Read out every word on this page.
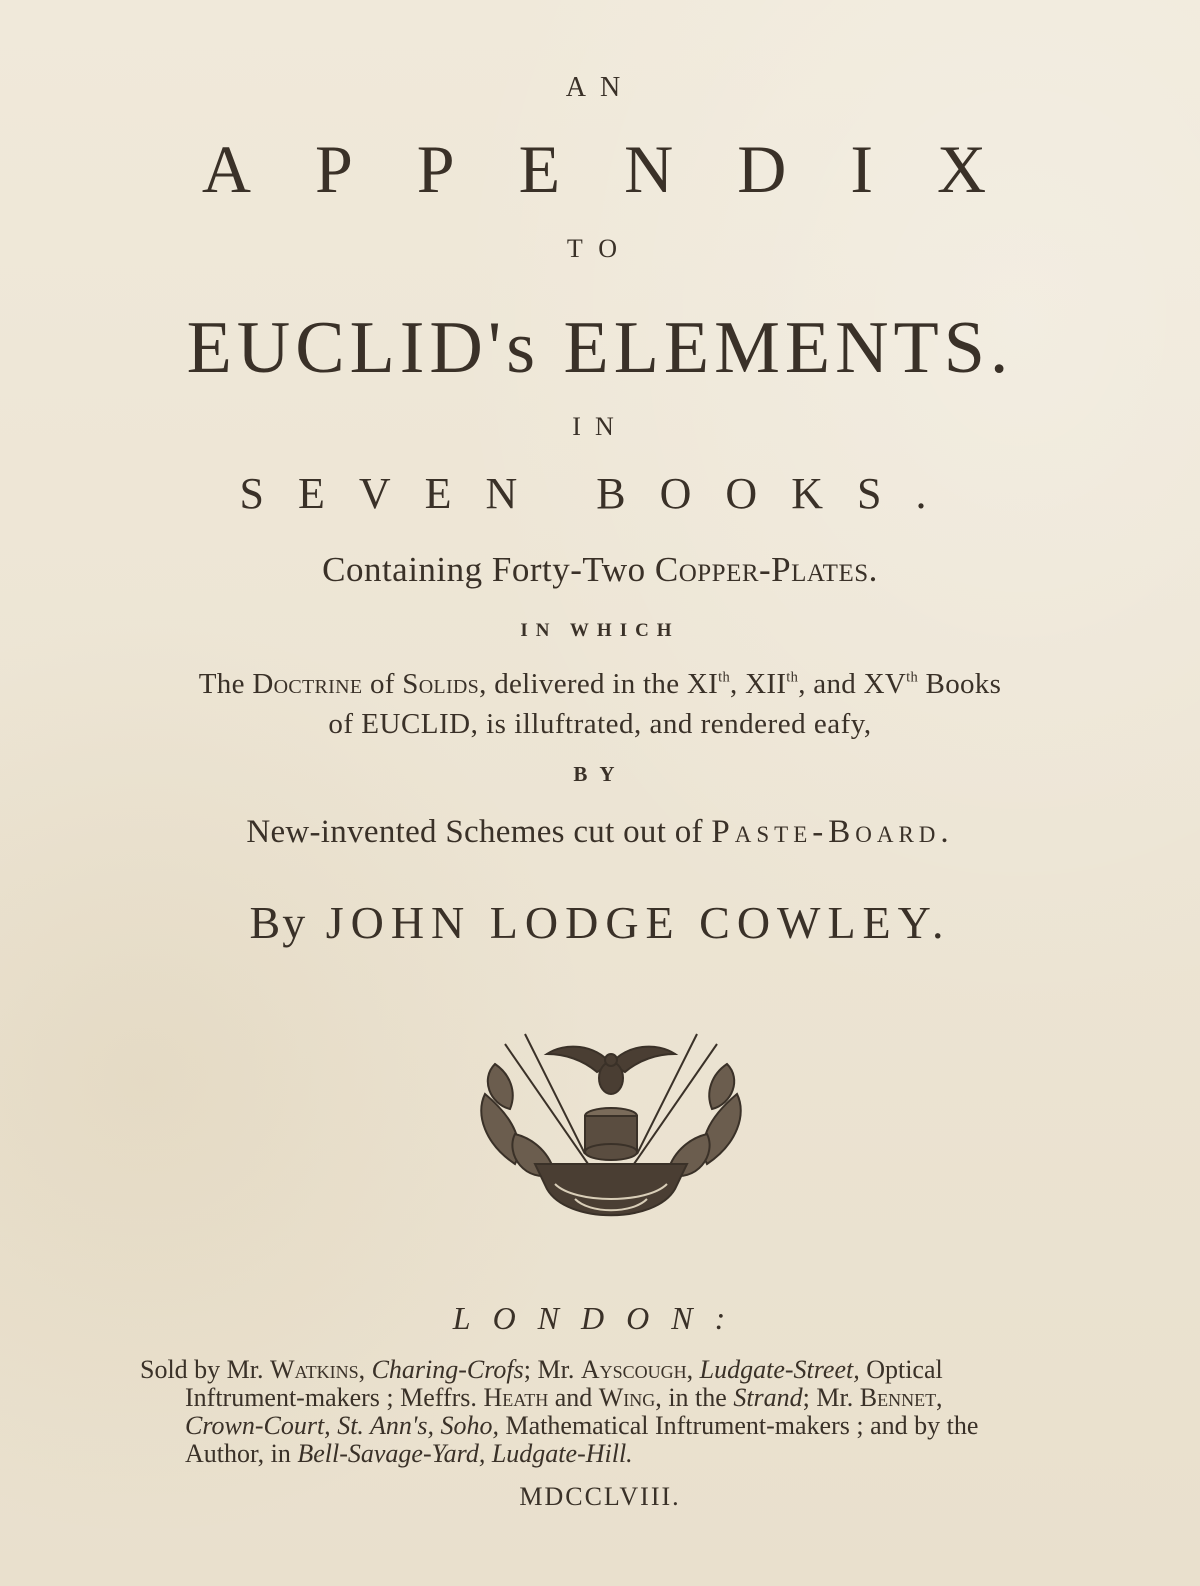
AN
APPENDIX
TO
EUCLID's ELEMENTS.
IN
SEVEN BOOKS.
Containing Forty-Two Copper-Plates.
IN WHICH
The Doctrine of Solids, delivered in the XIth, XIIth, and XVth Books
of EUCLID, is illuftrated, and rendered eafy,
BY
New-invented Schemes cut out of Paste-Board.
By JOHN LODGE COWLEY.
LONDON:
Sold by Mr. Watkins, Charing-Crofs; Mr. Ayscough, Ludgate-Street, Optical
Inftrument-makers ; Meffrs. Heath and Wing, in the Strand; Mr. Bennet,
Crown-Court, St. Ann's, Soho, Mathematical Inftrument-makers ; and by the
Author, in Bell-Savage-Yard, Ludgate-Hill.
MDCCLVIII.
